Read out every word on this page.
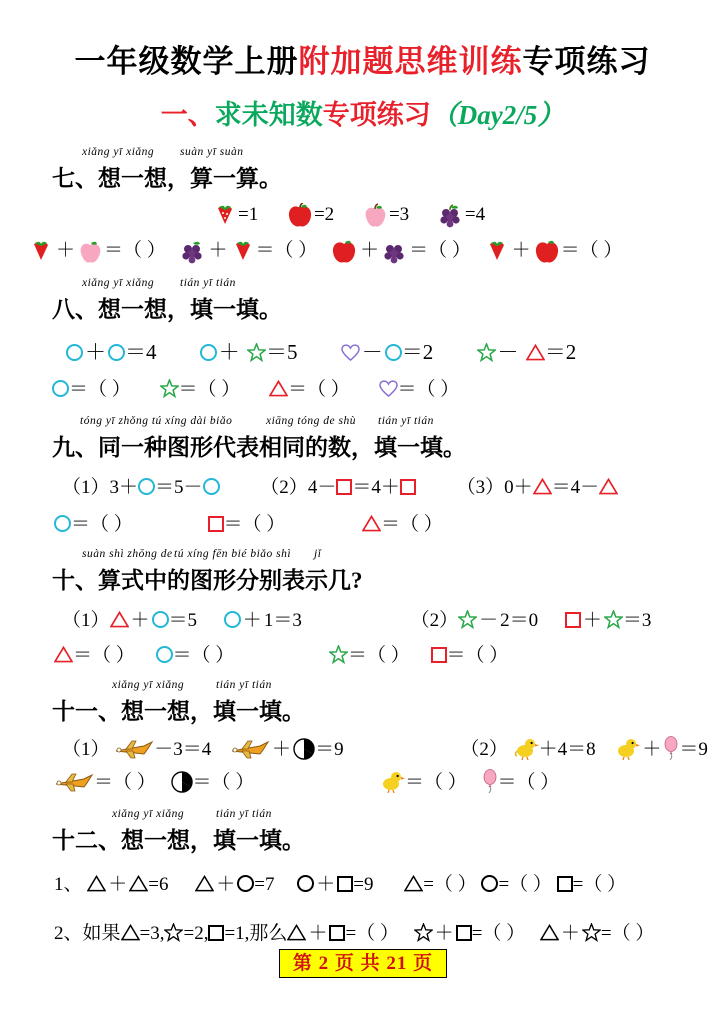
一年级数学上册附加题思维训练专项练习
一、求未知数专项练习（Day2/5）
xiǎng yī xiǎng suàn yī suàn
七、想一想，算一算。
=1	=2	=3	=4
＋ ＝（ ） ＋ ＝（ ） ＋ ＝（ ） ＋ ＝（ ）
xiǎng yī xiǎng tián yī tián
八、想一想，填一填。
＋ ＝4	＋ ＝5	－ ＝2	－ ＝2
＝（ ）	＝（ ）	＝（ ）	＝（ ）
tóng yī zhǒng tú xíng dài biǎo	xiāng tóng de shù tián yī tián
九、同一种图形代表相同的数，填一填。
（1）3＋ ＝5－	（2）4－ ＝4＋	（3）0＋ ＝4－
＝（ ）	＝（ ）	＝（ ）
suàn shì zhōng detú xíng fēn bié biǎo shì jǐ
十、算式中的图形分别表示几?
（1） ＋ ＝5 ＋ 1＝3	（2） － 2＝0 ＋ ＝3
＝（ ） ＝（ ）	＝（ ） ＝（ ）
xiǎng yī xiǎng	tián yī tián
十一、想一想，填一填。
（1） －3＝4	＋ ＝9	（2） ＋4＝8 ＋ ＝9
＝（ ） ＝（ ）	＝（ ） ＝（ ）
xiǎng yī xiǎng	tián yī tián
十二、想一想，填一填。
1、 ＋ =6	＋ =7 ＋ =9	=（ ） =（ ） =（ ）
2、如果 =3, =2, =1,那么 ＋ =（ ） ＋ =（ ） ＋ =（ ）
第 2 页 共 21 页
